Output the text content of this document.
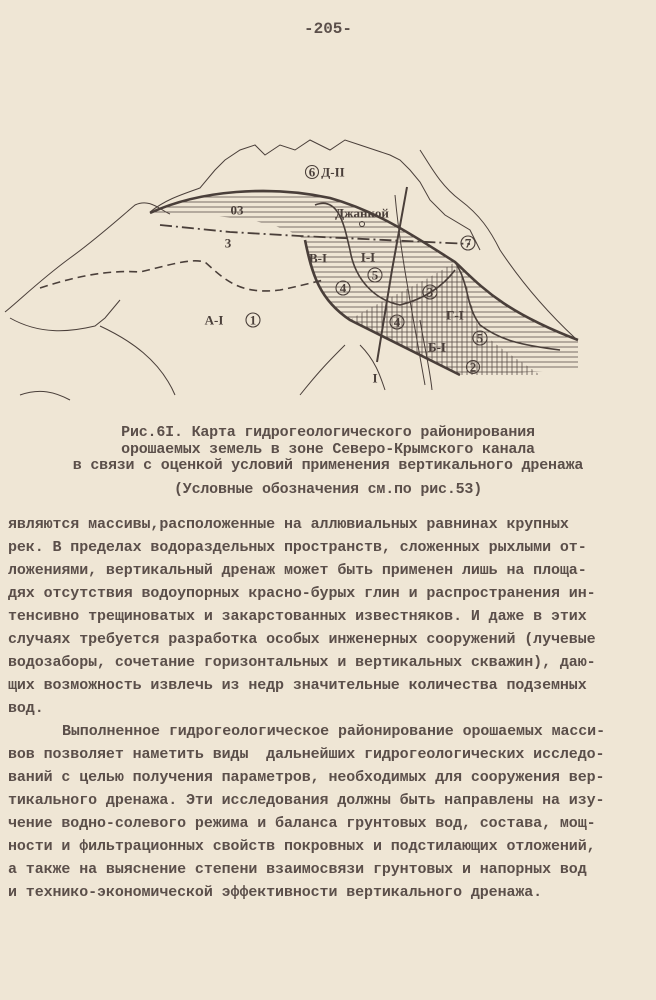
-205-
Д-II
6
Джанкой
7
В-I	I-I
5
4	3
4	Г-I
5
Б-I
2
I
А-I 1
3
03
Рис.6I. Карта гидрогеологического районирования
орошаемых земель в зоне Северо-Крымского канала
в связи с оценкой условий применения вертикального дренажа
(Условные обозначения см.по рис.53)
являются массивы,расположенные на аллювиальных равнинах крупных
рек. В пределах водораздельных пространств, сложенных рыхлыми от-
ложениями, вертикальный дренаж может быть применен лишь на площа-
дях отсутствия водоупорных красно-бурых глин и распространения ин-
тенсивно трещиноватых и закарстованных известняков. И даже в этих
случаях требуется разработка особых инженерных сооружений (лучевые
водозаборы, сочетание горизонтальных и вертикальных скважин), даю-
щих возможность извлечь из недр значительные количества подземных
вод.
Выполненное гидрогеологическое районирование орошаемых масси-
вов позволяет наметить виды  дальнейших гидрогеологических исследо-
ваний с целью получения параметров, необходимых для сооружения вер-
тикального дренажа. Эти исследования должны быть направлены на изу-
чение водно-солевого режима и баланса грунтовых вод, состава, мощ-
ности и фильтрационных свойств покровных и подстилающих отложений,
а также на выяснение степени взаимосвязи грунтовых и напорных вод
и технико-экономической эффективности вертикального дренажа.
